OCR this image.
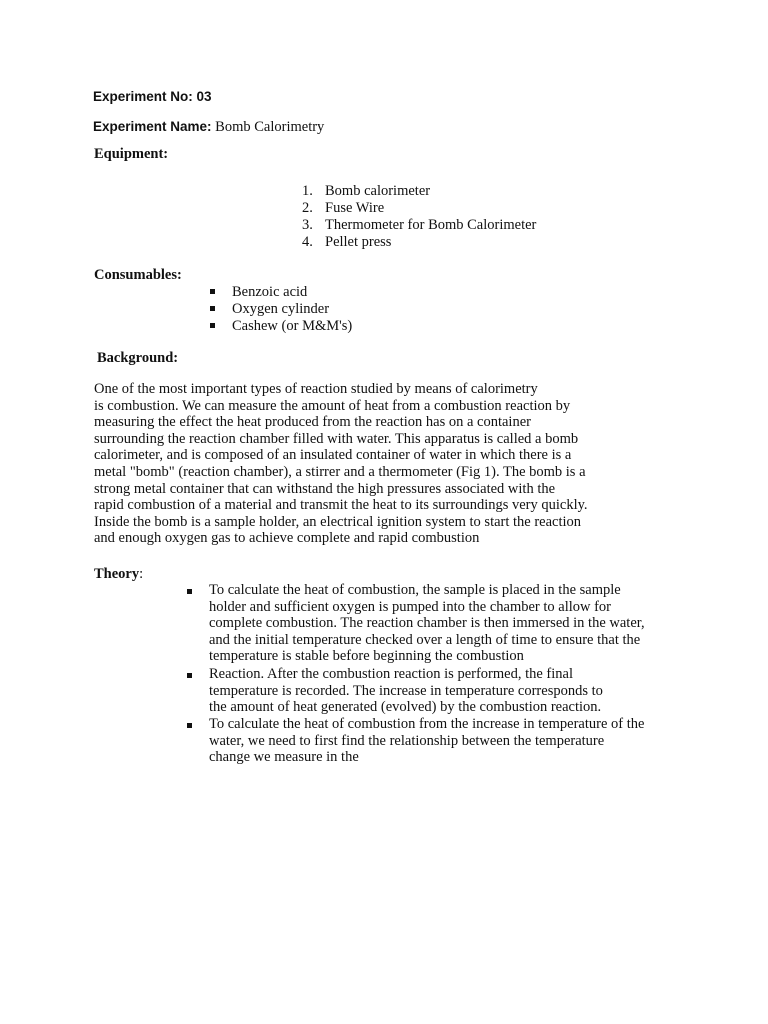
Experiment No: 03
Experiment Name: Bomb Calorimetry
Equipment:
1. Bomb calorimeter
2. Fuse Wire
3. Thermometer for Bomb Calorimeter
4. Pellet press
Consumables:
Benzoic acid
Oxygen cylinder
Cashew (or M&M's)
Background:
One of the most important types of reaction studied by means of calorimetry
is combustion. We can measure the amount of heat from a combustion reaction by
measuring the effect the heat produced from the reaction has on a container
surrounding the reaction chamber filled with water. This apparatus is called a bomb
calorimeter, and is composed of an insulated container of water in which there is a
metal "bomb" (reaction chamber), a stirrer and a thermometer (Fig 1). The bomb is a
strong metal container that can withstand the high pressures associated with the
rapid combustion of a material and transmit the heat to its surroundings very quickly.
Inside the bomb is a sample holder, an electrical ignition system to start the reaction
and enough oxygen gas to achieve complete and rapid combustion
Theory:
To calculate the heat of combustion, the sample is placed in the sample
holder and sufficient oxygen is pumped into the chamber to allow for
complete combustion. The reaction chamber is then immersed in the water,
and the initial temperature checked over a length of time to ensure that the
temperature is stable before beginning the combustion
Reaction. After the combustion reaction is performed, the final
temperature is recorded. The increase in temperature corresponds to
the amount of heat generated (evolved) by the combustion reaction.
To calculate the heat of combustion from the increase in temperature of the
water, we need to first find the relationship between the temperature
change we measure in the
